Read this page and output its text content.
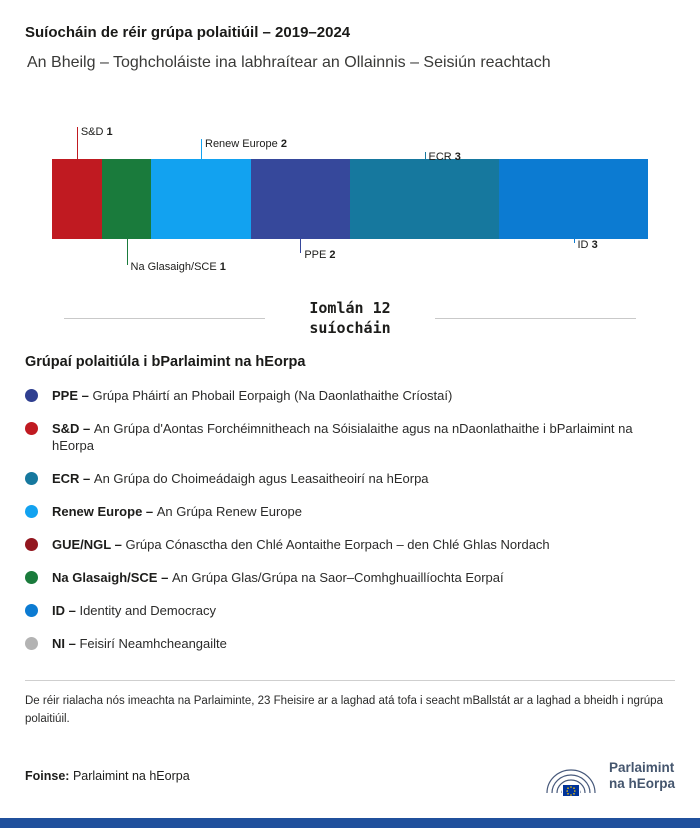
Suíocháin de réir grúpa polaitiúil – 2019–2024
An Bheilg – Toghcholáiste ina labhraítear an Ollainnis – Seisiún reachtach
S&D 1
Na Glasaigh/SCE 1
Renew Europe 2
PPE 2
ECR 3
ID 3
Iomlán 12
suíocháin
Grúpaí polaitiúla i bParlaimint na hEorpa
PPE – Grúpa Pháirtí an Phobail Eorpaigh (Na Daonlathaithe Críostaí)
S&D – An Grúpa d'Aontas Forchéimnitheach na Sóisialaithe agus na nDaonlathaithe i bParlaimint na hEorpa
ECR – An Grúpa do Choimeádaigh agus Leasaitheoirí na hEorpa
Renew Europe – An Grúpa Renew Europe
GUE/NGL – Grúpa Cónasctha den Chlé Aontaithe Eorpach – den Chlé Ghlas Nordach
Na Glasaigh/SCE – An Grúpa Glas/Grúpa na Saor–Comhghuaillíochta Eorpaí
ID – Identity and Democracy
NI – Feisirí Neamhcheangailte

De réir rialacha nós imeachta na Parlaiminte, 23 Fheisire ar a laghad atá tofa i seacht mBallstát ar a laghad a bheidh i ngrúpa polaitiúil.

Foinse: Parlaimint na hEorpa
Parlaimint
na hEorpa
